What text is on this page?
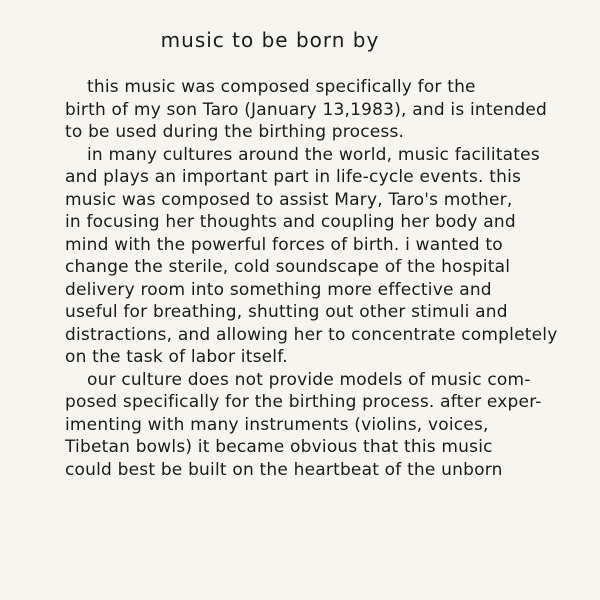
music to be born by
this music was composed specifically for the
birth of my son Taro (January 13,1983), and is intended
to be used during the birthing process.
in many cultures around the world, music facilitates
and plays an important part in life-cycle events. this
music was composed to assist Mary, Taro's mother,
in focusing her thoughts and coupling her body and
mind with the powerful forces of birth. i wanted to
change the sterile, cold soundscape of the hospital
delivery room into something more effective and
useful for breathing, shutting out other stimuli and
distractions, and allowing her to concentrate completely
on the task of labor itself.
our culture does not provide models of music com-
posed specifically for the birthing process. after exper-
imenting with many instruments (violins, voices,
Tibetan bowls) it became obvious that this music
could best be built on the heartbeat of the unborn
